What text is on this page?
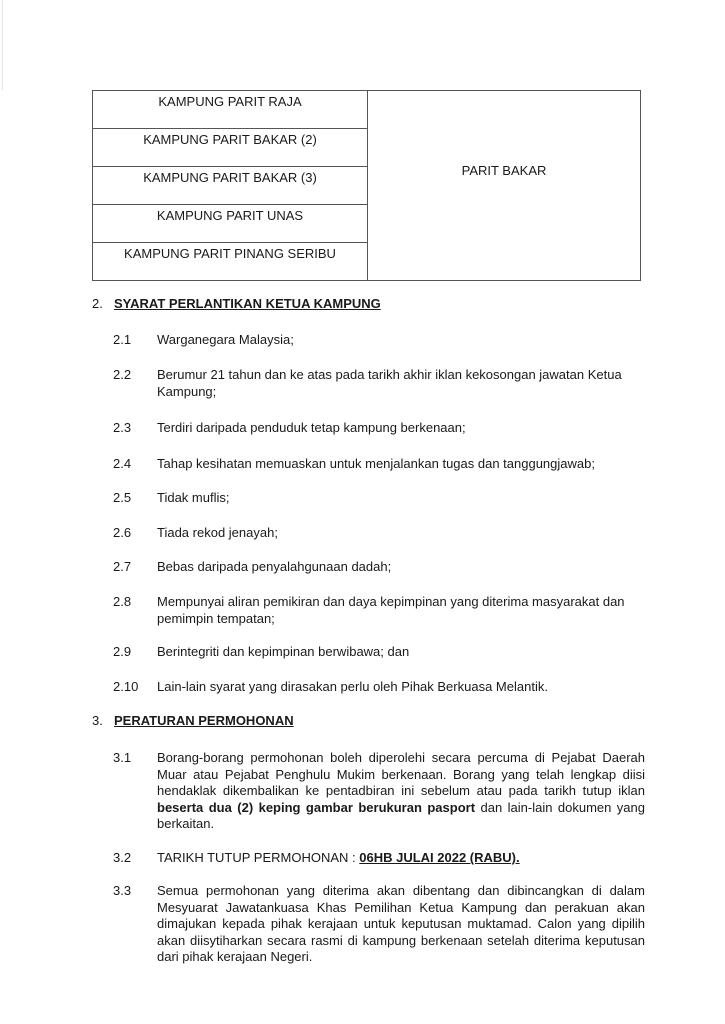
KAMPUNG PARIT RAJA	PARIT BAKAR
KAMPUNG PARIT BAKAR (2)
KAMPUNG PARIT BAKAR (3)
KAMPUNG PARIT UNAS
KAMPUNG PARIT PINANG SERIBU
2. SYARAT PERLANTIKAN KETUA KAMPUNG
2.1 Warganegara Malaysia;
2.2 Berumur 21 tahun dan ke atas pada tarikh akhir iklan kekosongan jawatan Ketua Kampung;
2.3 Terdiri daripada penduduk tetap kampung berkenaan;
2.4 Tahap kesihatan memuaskan untuk menjalankan tugas dan tanggungjawab;
2.5 Tidak muflis;
2.6 Tiada rekod jenayah;
2.7 Bebas daripada penyalahgunaan dadah;
2.8 Mempunyai aliran pemikiran dan daya kepimpinan yang diterima masyarakat dan pemimpin tempatan;
2.9 Berintegriti dan kepimpinan berwibawa; dan
2.10 Lain-lain syarat yang dirasakan perlu oleh Pihak Berkuasa Melantik.
3. PERATURAN PERMOHONAN
3.1 Borang-borang permohonan boleh diperolehi secara percuma di Pejabat Daerah Muar atau Pejabat Penghulu Mukim berkenaan. Borang yang telah lengkap diisi hendaklak dikembalikan ke pentadbiran ini sebelum atau pada tarikh tutup iklan beserta dua (2) keping gambar berukuran pasport dan lain-lain dokumen yang berkaitan.
3.2 TARIKH TUTUP PERMOHONAN : 06HB JULAI 2022 (RABU).
3.3 Semua permohonan yang diterima akan dibentang dan dibincangkan di dalam Mesyuarat Jawatankuasa Khas Pemilihan Ketua Kampung dan perakuan akan dimajukan kepada pihak kerajaan untuk keputusan muktamad. Calon yang dipilih akan diisytiharkan secara rasmi di kampung berkenaan setelah diterima keputusan dari pihak kerajaan Negeri.
